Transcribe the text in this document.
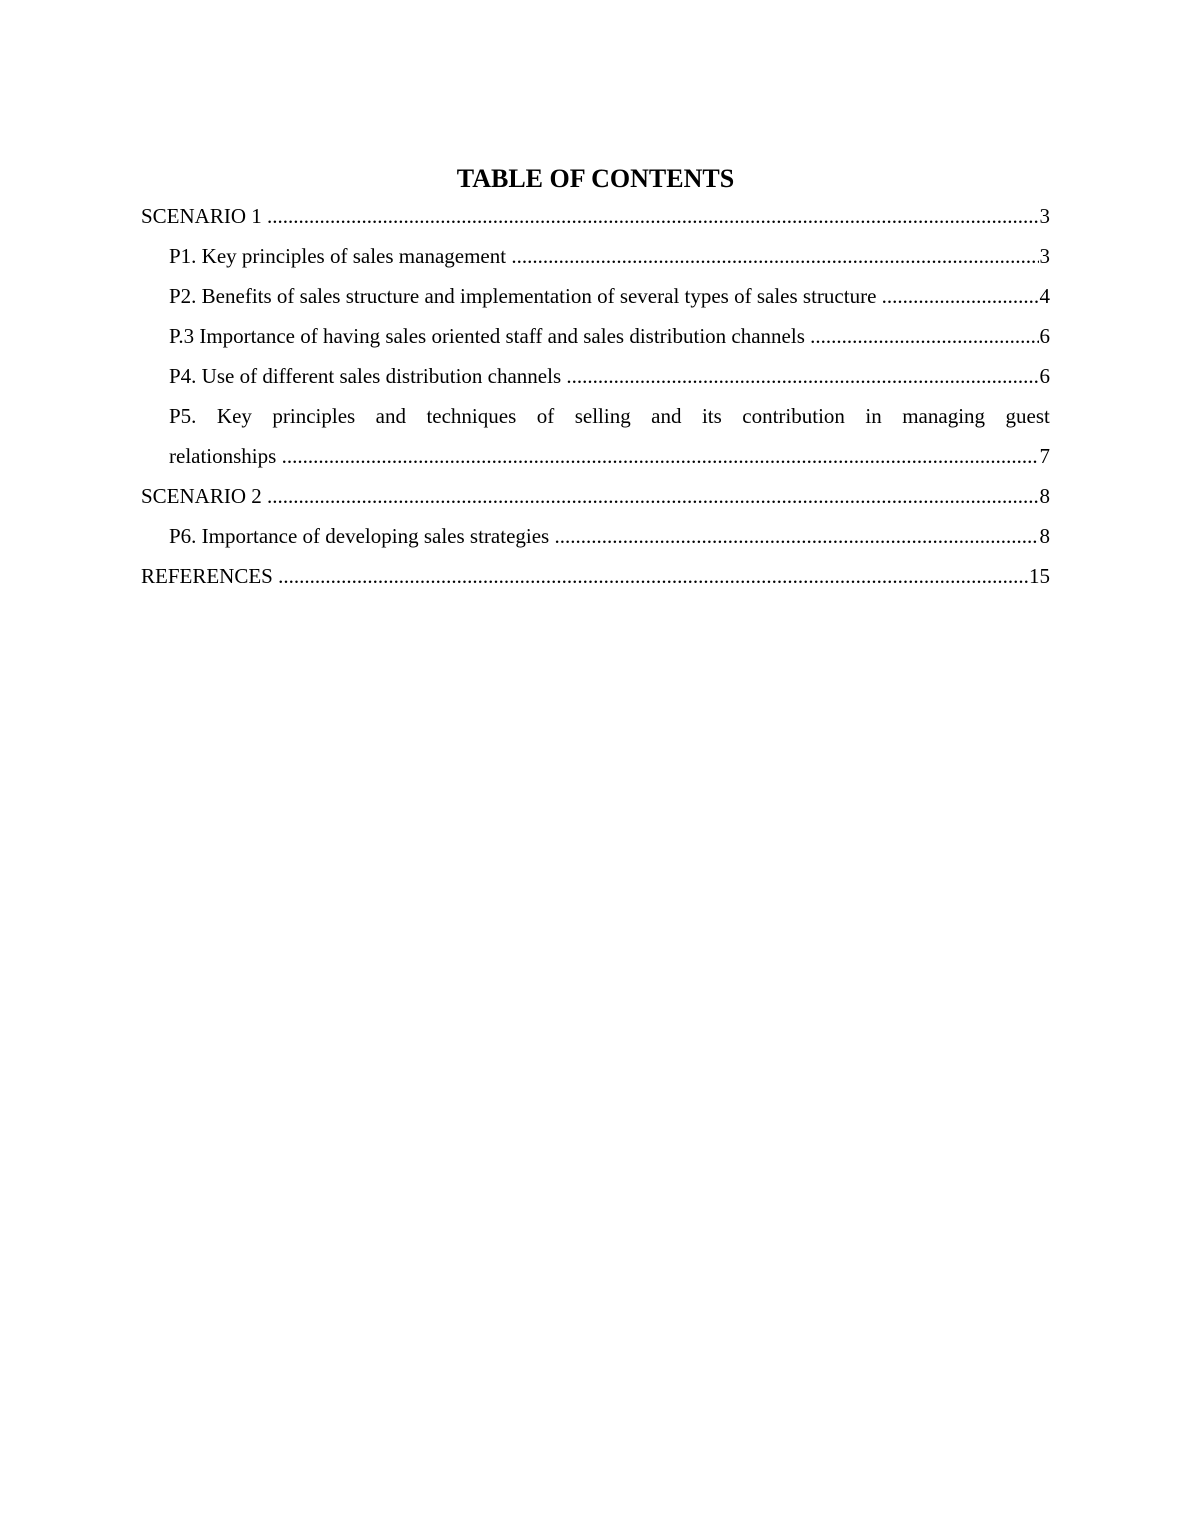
TABLE OF CONTENTS
SCENARIO 1 .....	3
P1. Key principles of sales management .....	3
P2. Benefits of sales structure and implementation of several types of sales structure .....	4
P.3 Importance of having sales oriented staff and sales distribution channels .....	6
P4. Use of different sales distribution channels .....	6
P5. Key principles and techniques of selling and its contribution in managing guest
relationships .....	7
SCENARIO 2 .....	8
P6. Importance of developing sales strategies .....	8
REFERENCES .....	15
